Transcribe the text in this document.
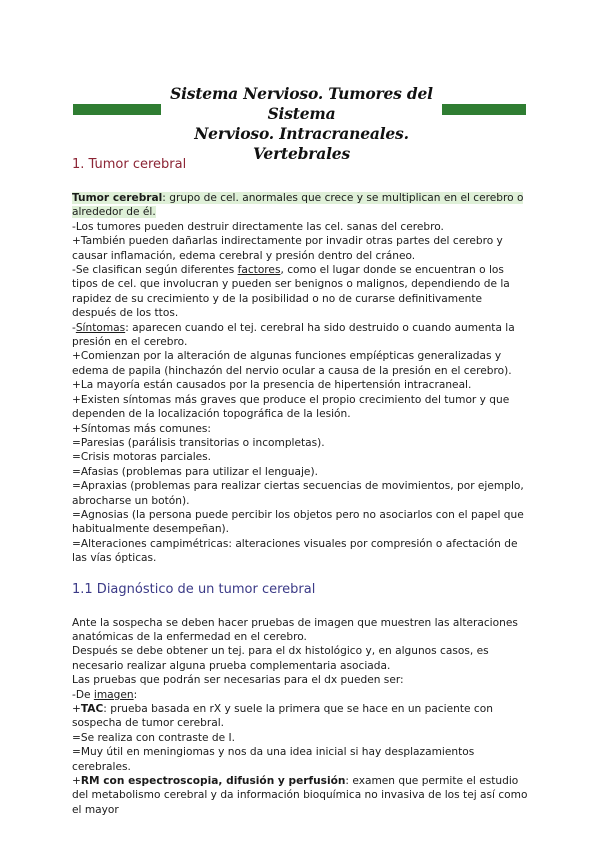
Sistema Nervioso. Tumores del Sistema
Nervioso. Intracraneales. Vertebrales
1. Tumor cerebral

Tumor cerebral: grupo de cel. anormales que crece y se multiplican en el cerebro o alrededor de él.

-Los tumores pueden destruir directamente las cel. sanas del cerebro.

+También pueden dañarlas indirectamente por invadir otras partes del cerebro y causar inflamación, edema cerebral y presión dentro del cráneo.

-Se clasifican según diferentes factores, como el lugar donde se encuentran o los tipos de cel. que involucran y pueden ser benignos o malignos, dependiendo de la rapidez de su crecimiento y de la posibilidad o no de curarse definitivamente después de los ttos.

-Síntomas: aparecen cuando el tej. cerebral ha sido destruido o cuando aumenta la presión en el cerebro.

+Comienzan por la alteración de algunas funciones empíépticas generalizadas y edema de papila (hinchazón del nervio ocular a causa de la presión en el cerebro).

+La mayoría están causados por la presencia de hipertensión intracraneal.

+Existen síntomas más graves que produce el propio crecimiento del tumor y que dependen de la localización topográfica de la lesión.

+Síntomas más comunes:

=Paresias (parálisis transitorias o incompletas).

=Crisis motoras parciales.

=Afasias (problemas para utilizar el lenguaje).

=Apraxias (problemas para realizar ciertas secuencias de movimientos, por ejemplo, abrocharse un botón).

=Agnosias (la persona puede percibir los objetos pero no asociarlos con el papel que habitualmente desempeñan).

=Alteraciones campimétricas: alteraciones visuales por compresión o afectación de las vías ópticas.

1.1 Diagnóstico de un tumor cerebral

Ante la sospecha se deben hacer pruebas de imagen que muestren las alteraciones anatómicas de la enfermedad en el cerebro.

Después se debe obtener un tej. para el dx histológico y, en algunos casos, es necesario realizar alguna prueba complementaria asociada.

Las pruebas que podrán ser necesarias para el dx pueden ser:

-De imagen:

+TAC: prueba basada en rX y suele la primera que se hace en un paciente con sospecha de tumor cerebral.

=Se realiza con contraste de I.

=Muy útil en meningiomas y nos da una idea inicial si hay desplazamientos cerebrales.

+RM con espectroscopia, difusión y perfusión: examen que permite el estudio del metabolismo cerebral y da información bioquímica no invasiva de los tej así como el mayor
